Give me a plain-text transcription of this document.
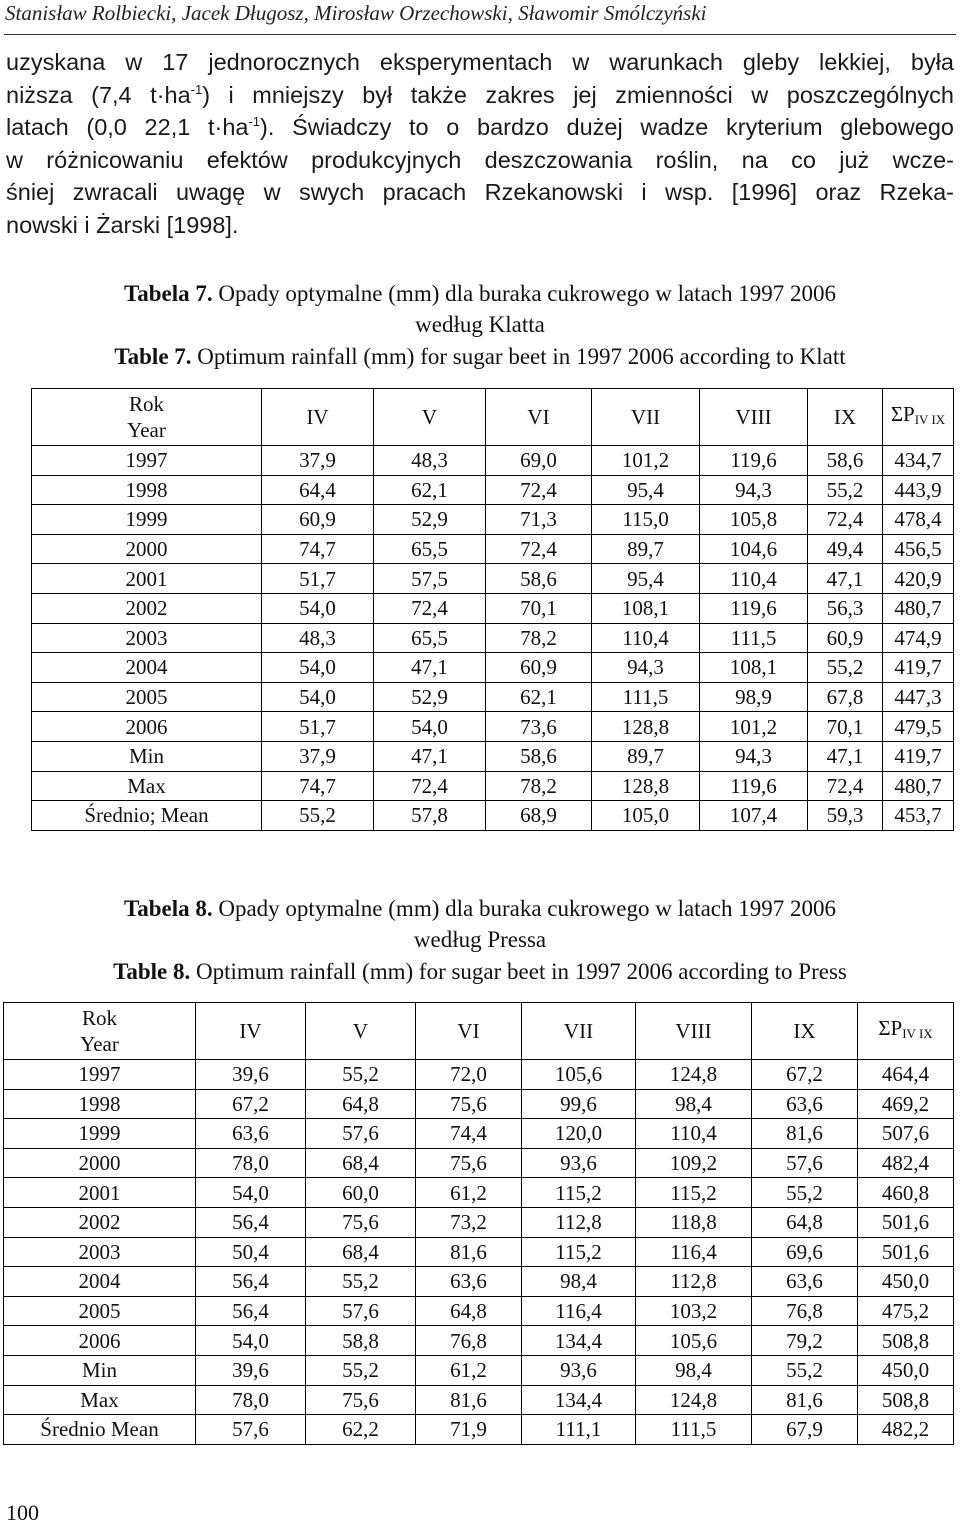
Stanisław Rolbiecki, Jacek Długosz, Mirosław Orzechowski, Sławomir Smólczyński
uzyskana w 17 jednorocznych eksperymentach w warunkach gleby lekkiej, była
niższa (7,4 $t\cdot ha^{-1}$) i mniejszy był także zakres jej zmienności w poszczególnych
latach (0,0 22,1 $t\cdot ha^{-1}$). Świadczy to o bardzo dużej wadze kryterium glebowego
w różnicowaniu efektów produkcyjnych deszczowania roślin, na co już wcze-
śniej zwracali uwagę w swych pracach Rzekanowski i wsp. [1996] oraz Rzeka-
nowski i Żarski [1998].
Tabela 7. Opady optymalne (mm) dla buraka cukrowego w latach 1997 2006
według Klatta
Table 7. Optimum rainfall (mm) for sugar beet in 1997 2006 according to Klatt
Rok
Year	IV	V	VI	VII	VIII	IX	$\Sigma P_{IV IX}$
1997	37,9	48,3	69,0	101,2	119,6	58,6	434,7
1998	64,4	62,1	72,4	95,4	94,3	55,2	443,9
1999	60,9	52,9	71,3	115,0	105,8	72,4	478,4
2000	74,7	65,5	72,4	89,7	104,6	49,4	456,5
2001	51,7	57,5	58,6	95,4	110,4	47,1	420,9
2002	54,0	72,4	70,1	108,1	119,6	56,3	480,7
2003	48,3	65,5	78,2	110,4	111,5	60,9	474,9
2004	54,0	47,1	60,9	94,3	108,1	55,2	419,7
2005	54,0	52,9	62,1	111,5	98,9	67,8	447,3
2006	51,7	54,0	73,6	128,8	101,2	70,1	479,5
Min	37,9	47,1	58,6	89,7	94,3	47,1	419,7
Max	74,7	72,4	78,2	128,8	119,6	72,4	480,7
Średnio; Mean	55,2	57,8	68,9	105,0	107,4	59,3	453,7
Tabela 8. Opady optymalne (mm) dla buraka cukrowego w latach 1997 2006
według Pressa
Table 8. Optimum rainfall (mm) for sugar beet in 1997 2006 according to Press
Rok
Year	IV	V	VI	VII	VIII	IX	$\Sigma P_{IV IX}$
1997	39,6	55,2	72,0	105,6	124,8	67,2	464,4
1998	67,2	64,8	75,6	99,6	98,4	63,6	469,2
1999	63,6	57,6	74,4	120,0	110,4	81,6	507,6
2000	78,0	68,4	75,6	93,6	109,2	57,6	482,4
2001	54,0	60,0	61,2	115,2	115,2	55,2	460,8
2002	56,4	75,6	73,2	112,8	118,8	64,8	501,6
2003	50,4	68,4	81,6	115,2	116,4	69,6	501,6
2004	56,4	55,2	63,6	98,4	112,8	63,6	450,0
2005	56,4	57,6	64,8	116,4	103,2	76,8	475,2
2006	54,0	58,8	76,8	134,4	105,6	79,2	508,8
Min	39,6	55,2	61,2	93,6	98,4	55,2	450,0
Max	78,0	75,6	81,6	134,4	124,8	81,6	508,8
Średnio Mean	57,6	62,2	71,9	111,1	111,5	67,9	482,2
100
